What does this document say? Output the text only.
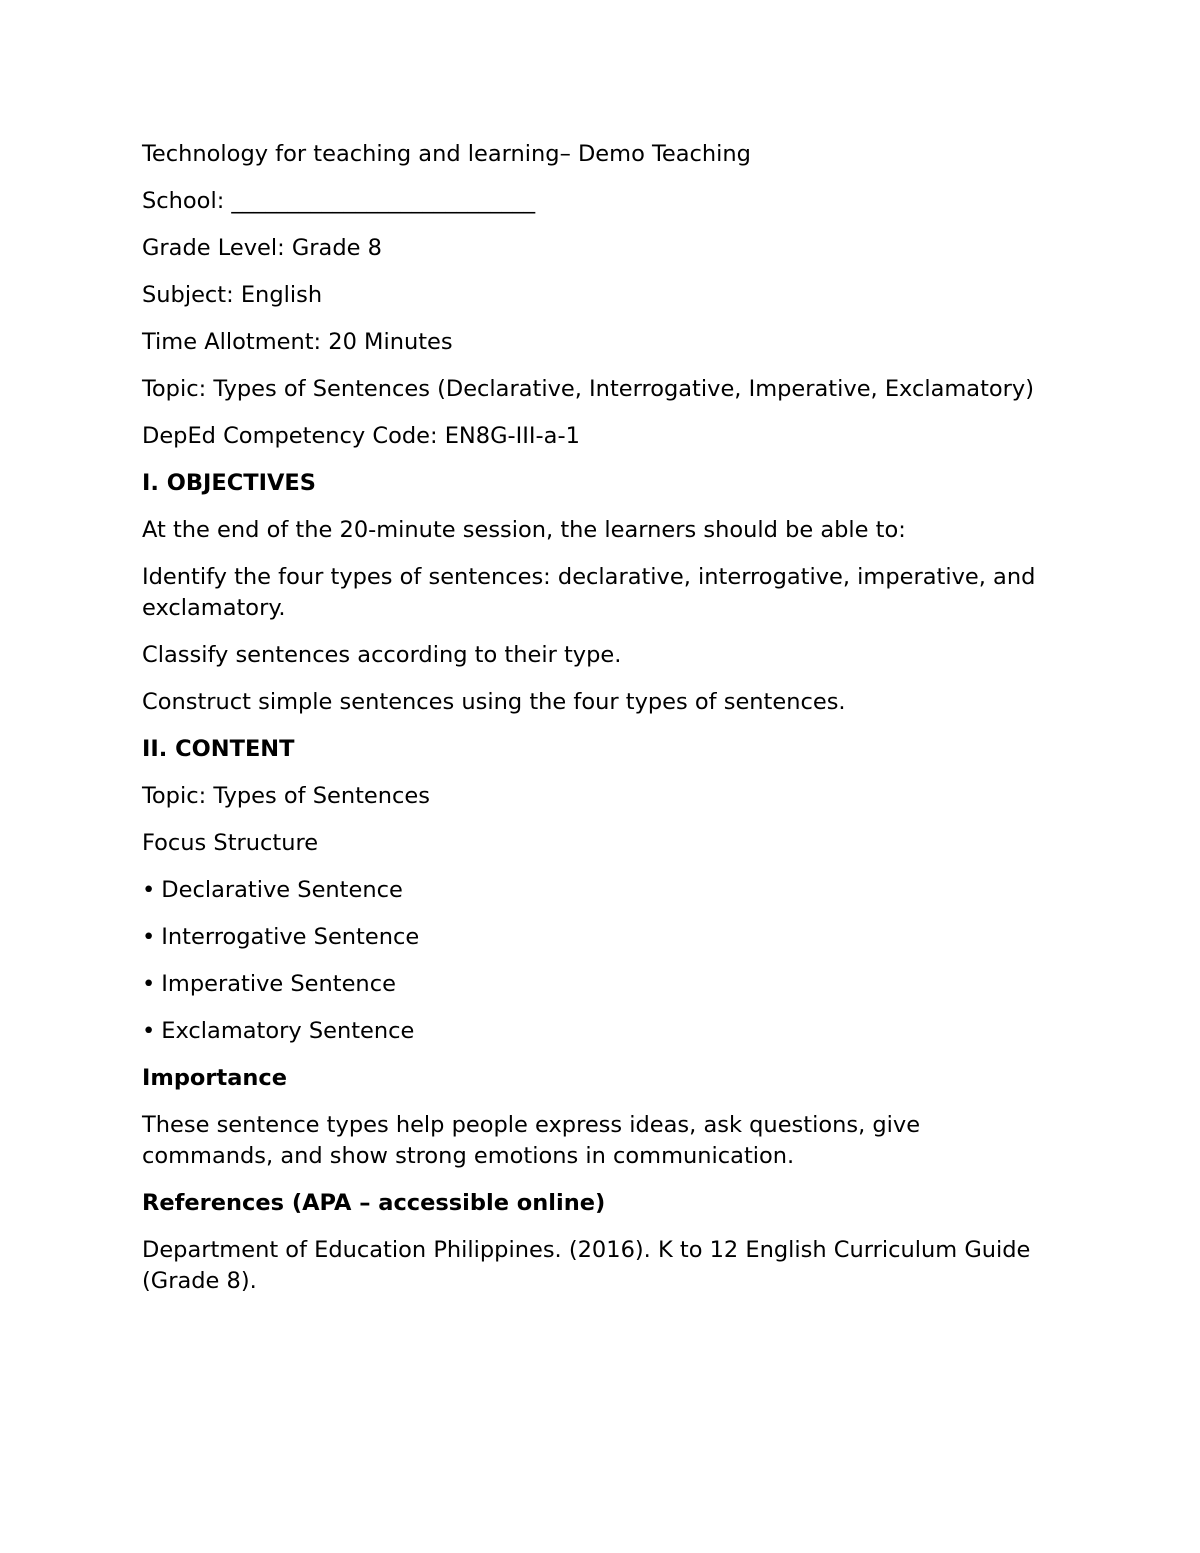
Technology for teaching and learning– Demo Teaching

School: ___________________________

Grade Level: Grade 8

Subject: English

Time Allotment: 20 Minutes

Topic: Types of Sentences (Declarative, Interrogative, Imperative, Exclamatory)

DepEd Competency Code: EN8G-III-a-1

I. OBJECTIVES

At the end of the 20-minute session, the learners should be able to:

Identify the four types of sentences: declarative, interrogative, imperative, and exclamatory.

Classify sentences according to their type.

Construct simple sentences using the four types of sentences.

II. CONTENT

Topic: Types of Sentences

Focus Structure

• Declarative Sentence

• Interrogative Sentence

• Imperative Sentence

• Exclamatory Sentence

Importance

These sentence types help people express ideas, ask questions, give commands, and show strong emotions in communication.

References (APA – accessible online)

Department of Education Philippines. (2016). K to 12 English Curriculum Guide (Grade 8).
